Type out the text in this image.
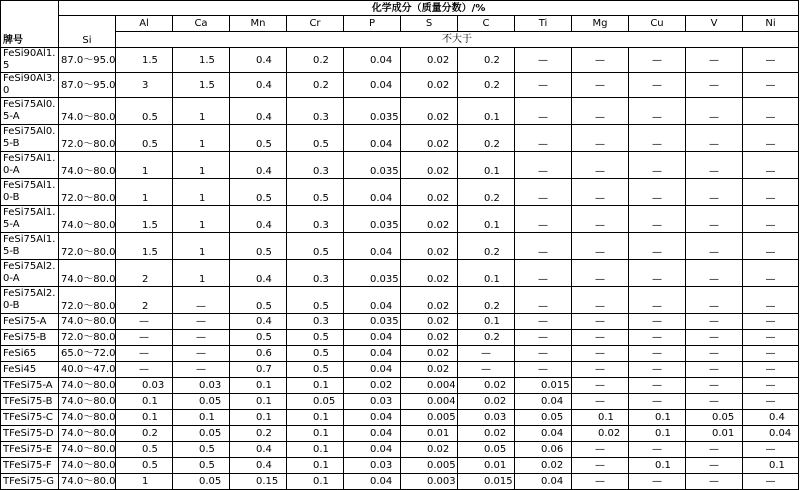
牌号	化学成分（质量分数）/%												
	Si	Al	Ca	Mn	Cr	P	S	C	Ti	Mg	Cu	V	Ni
		不大于											
FeSi90Al1.5	87.0～95.0	1.5	1.5	0.4	0.2	0.04	0.02	0.2	—	—	—	—	—
FeSi90Al3.0	87.0～95.0	3	1.5	0.4	0.2	0.04	0.02	0.2	—	—	—	—	—
FeSi75Al0.5-A	74.0～80.0	0.5	1	0.4	0.3	0.035	0.02	0.1	—	—	—	—	—
FeSi75Al0.5-B	72.0～80.0	0.5	1	0.5	0.5	0.04	0.02	0.2	—	—	—	—	—
FeSi75Al1.0-A	74.0～80.0	1	1	0.4	0.3	0.035	0.02	0.1	—	—	—	—	—
FeSi75Al1.0-B	72.0～80.0	1	1	0.5	0.5	0.04	0.02	0.2	—	—	—	—	—
FeSi75Al1.5-A	74.0～80.0	1.5	1	0.4	0.3	0.035	0.02	0.1	—	—	—	—	—
FeSi75Al1.5-B	72.0～80.0	1.5	1	0.5	0.5	0.04	0.02	0.2	—	—	—	—	—
FeSi75Al2.0-A	74.0～80.0	2	1	0.4	0.3	0.035	0.02	0.1	—	—	—	—	—
FeSi75Al2.0-B	72.0～80.0	2	—	0.5	0.5	0.04	0.02	0.2	—	—	—	—	—
FeSi75-A	74.0～80.0	—	—	0.4	0.3	0.035	0.02	0.1	—	—	—	—	—
FeSi75-B	72.0～80.0	—	—	0.5	0.5	0.04	0.02	0.2	—	—	—	—	—
FeSi65	65.0～72.0	—	—	0.6	0.5	0.04	0.02	—	—	—	—	—	—
FeSi45	40.0～47.0	—	—	0.7	0.5	0.04	0.02	—	—	—	—	—	—
TFeSi75-A	74.0～80.0	0.03	0.03	0.1	0.1	0.02	0.004	0.02	0.015	—	—	—	—
TFeSi75-B	74.0～80.0	0.1	0.05	0.1	0.05	0.03	0.004	0.02	0.04	—	—	—	—
TFeSi75-C	74.0～80.0	0.1	0.1	0.1	0.1	0.04	0.005	0.03	0.05	0.1	0.1	0.05	0.4
TFeSi75-D	74.0～80.0	0.2	0.05	0.2	0.1	0.04	0.01	0.02	0.04	0.02	0.1	0.01	0.04
TFeSi75-E	74.0～80.0	0.5	0.5	0.4	0.1	0.04	0.02	0.05	0.06	—	—	—	—
TFeSi75-F	74.0～80.0	0.5	0.5	0.4	0.1	0.03	0.005	0.01	0.02	—	0.1	—	0.1
TFeSi75-G	74.0～80.0	1	0.05	0.15	0.1	0.04	0.003	0.015	0.04	—	—	—	—
